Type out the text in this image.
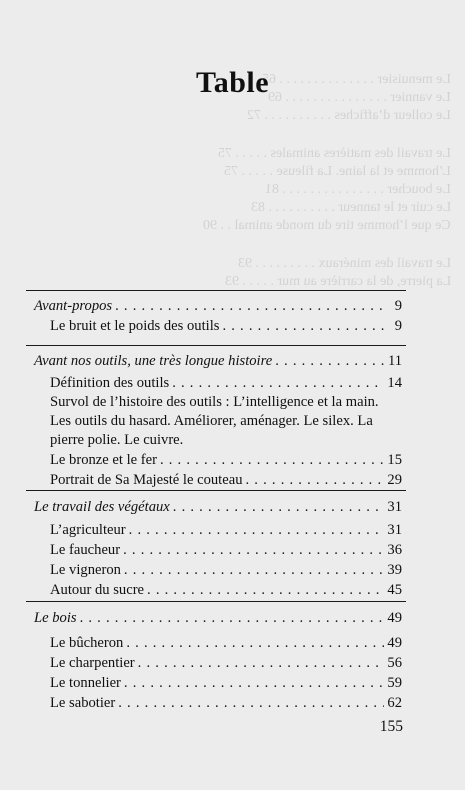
Le menuisier . . . . . . . . . . . . . . 65
Le vannier . . . . . . . . . . . . . . . 69
Le colleur d’affiches . . . . . . . . . . 72
Le travail des matières animales . . . . . 75
L’homme et la laine. La fileuse . . . . . 75
Le boucher . . . . . . . . . . . . . . . 81
Le cuir et le tanneur . . . . . . . . . . 83
Ce que l’homme tire du monde animal . . 90
Le travail des minéraux . . . . . . . . . 93
La pierre, de la carrière au mur . . . . . 93
Table
Avant-propos . . .	9
Le bruit et le poids des outils . . .	9
Avant nos outils, une très longue histoire . . .	11
Définition des outils . . .	14
Survol de l’histoire des outils : L’intelligence et la main. Les outils du hasard. Améliorer, aménager. Le silex. La pierre polie. Le cuivre.
Le bronze et le fer . . .	15
Portrait de Sa Majesté le couteau . . .	29
Le travail des végétaux . . .	31
L’agriculteur . . .	31
Le faucheur . . .	36
Le vigneron . . .	39
Autour du sucre . . .	45
Le bois . . .	49
Le bûcheron . . .	49
Le charpentier . . .	56
Le tonnelier . . .	59
Le sabotier . . .	62
155
